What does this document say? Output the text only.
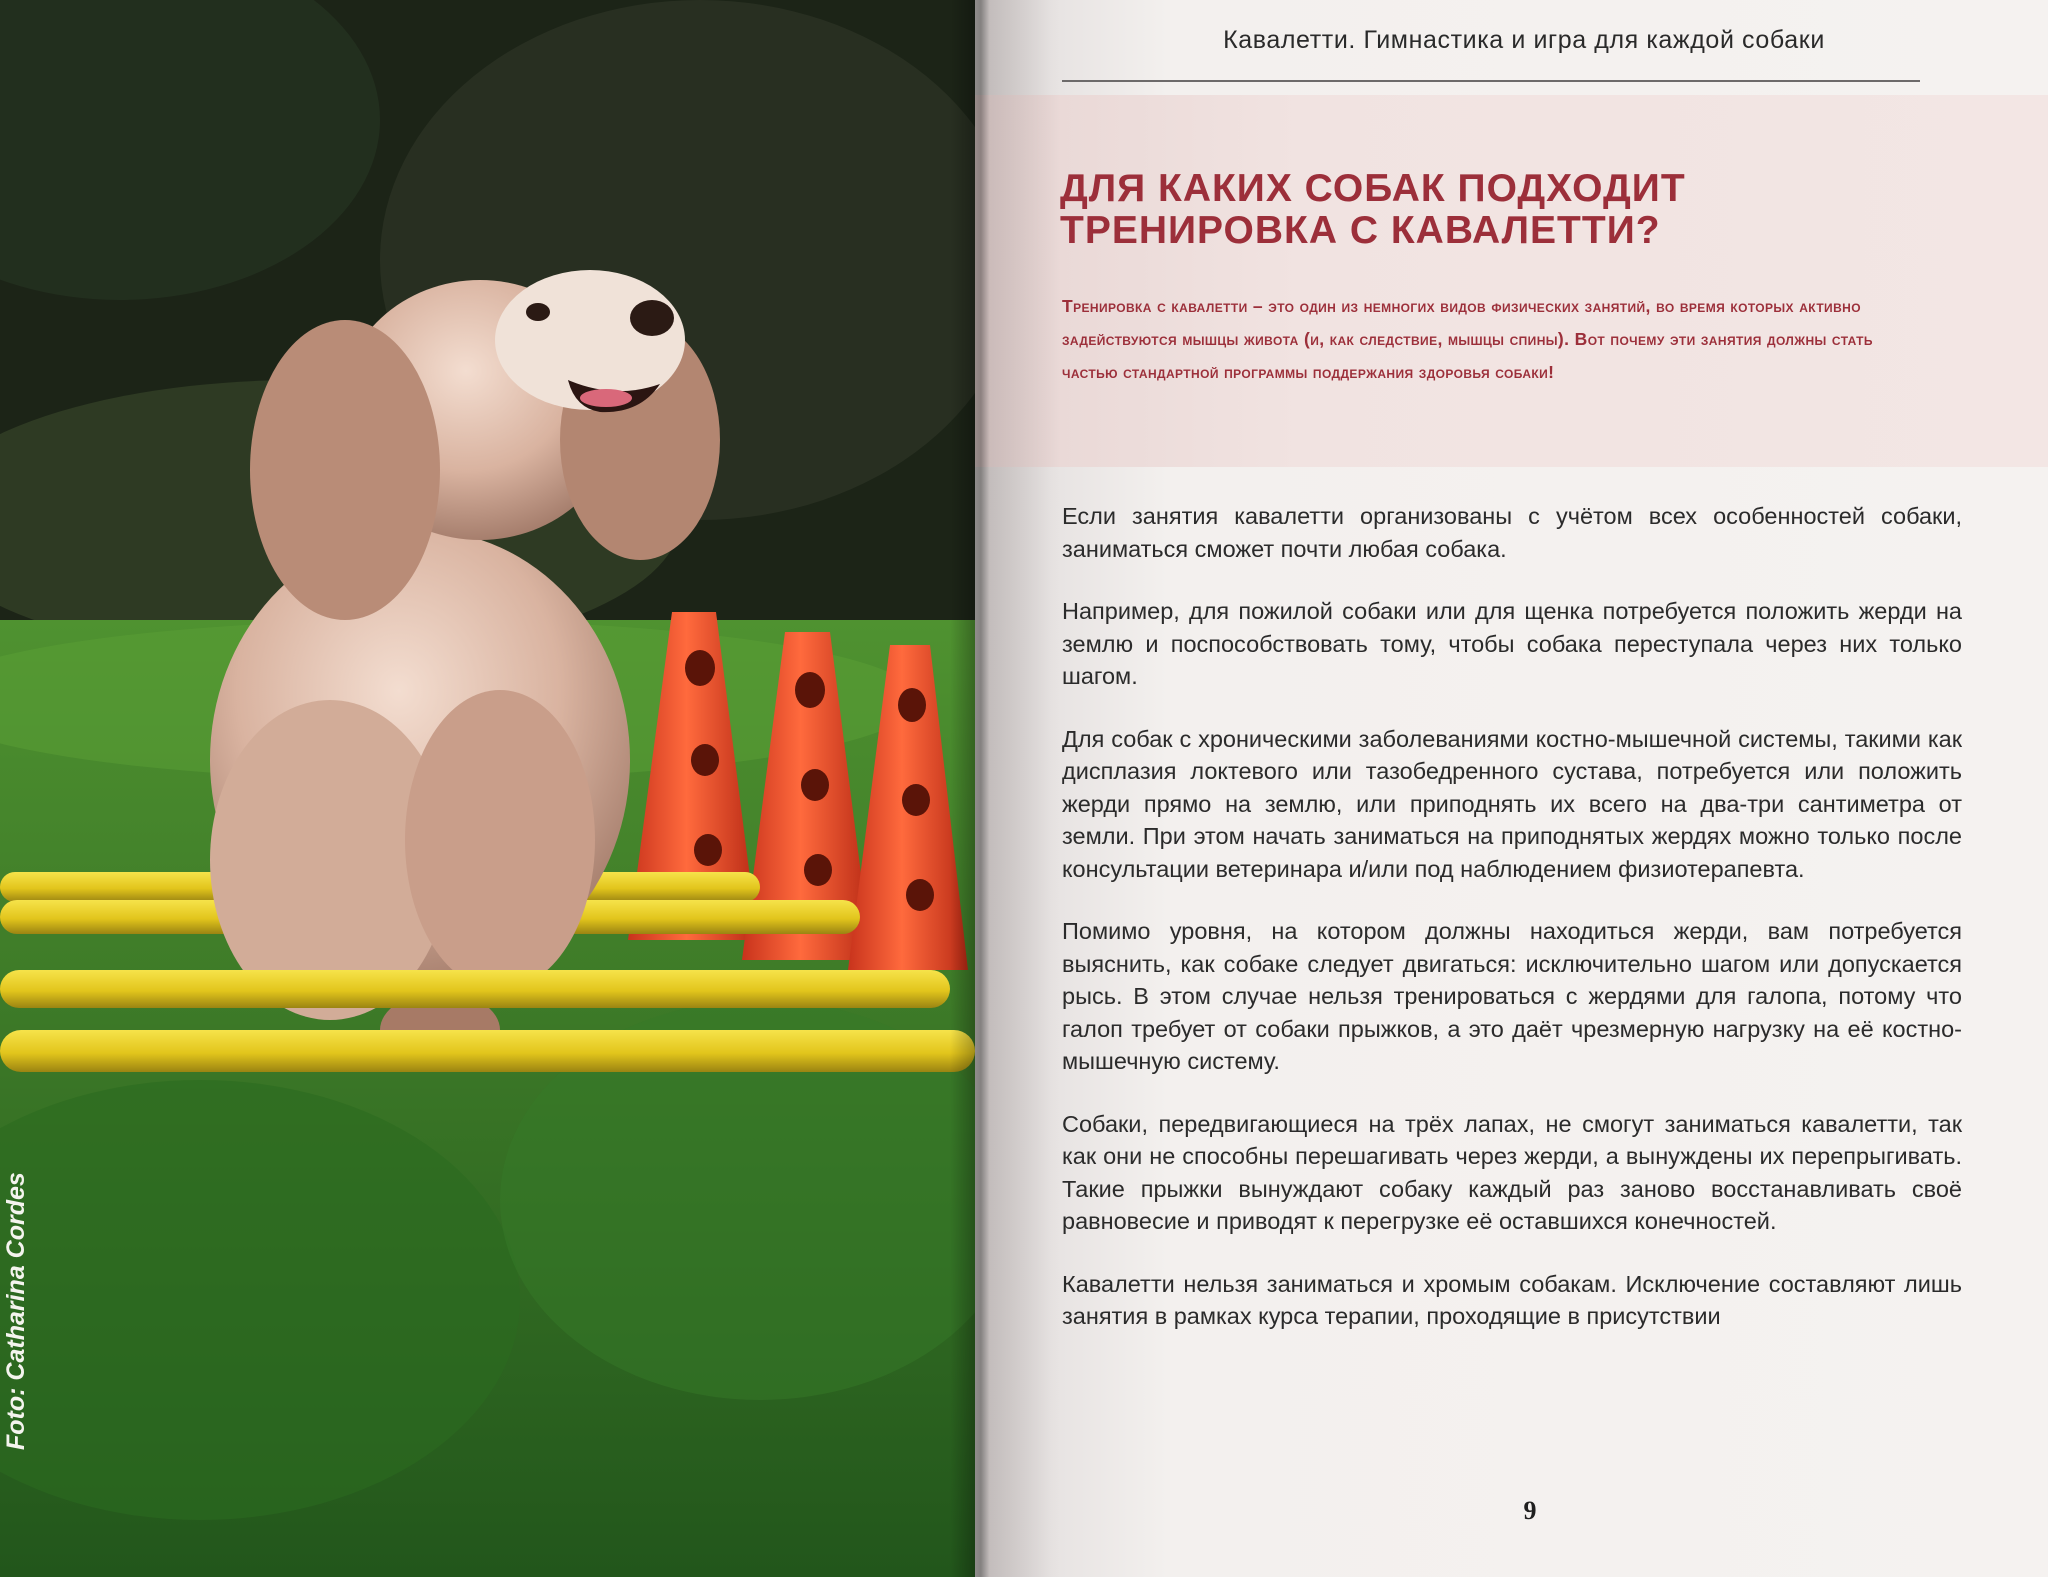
Foto: Catharina Cordes
Кавалетти. Гимнастика и игра для каждой собаки
ДЛЯ КАКИХ СОБАК ПОДХОДИТ ТРЕНИРОВКА С КАВАЛЕТТИ?

Тренировка с кавалетти – это один из немногих видов физических занятий, во время которых активно задействуются мышцы живота (и, как следствие, мышцы спины). Вот почему эти занятия должны стать частью стандартной программы поддержания здоровья собаки!

Если занятия кавалетти организованы с учётом всех особенностей собаки, заниматься сможет почти любая собака.

Например, для пожилой собаки или для щенка потребуется положить жерди на землю и поспособствовать тому, чтобы собака переступала через них только шагом.

Для собак с хроническими заболеваниями костно-мышечной системы, такими как дисплазия локтевого или тазобедренного сустава, потребуется или положить жерди прямо на землю, или приподнять их всего на два-три сантиметра от земли. При этом начать заниматься на приподнятых жердях можно только после консультации ветеринара и/или под наблюдением физиотерапевта.

Помимо уровня, на котором должны находиться жерди, вам потребуется выяснить, как собаке следует двигаться: исключительно шагом или допускается рысь. В этом случае нельзя тренироваться с жердями для галопа, потому что галоп требует от собаки прыжков, а это даёт чрезмерную нагрузку на её костно-мышечную систему.

Собаки, передвигающиеся на трёх лапах, не смогут заниматься кавалетти, так как они не способны перешагивать через жерди, а вынуждены их перепрыгивать. Такие прыжки вынуждают собаку каждый раз заново восстанавливать своё равновесие и приводят к перегрузке её оставшихся конечностей.

Кавалетти нельзя заниматься и хромым собакам. Исключение составляют лишь занятия в рамках курса терапии, проходящие в присутствии

9
